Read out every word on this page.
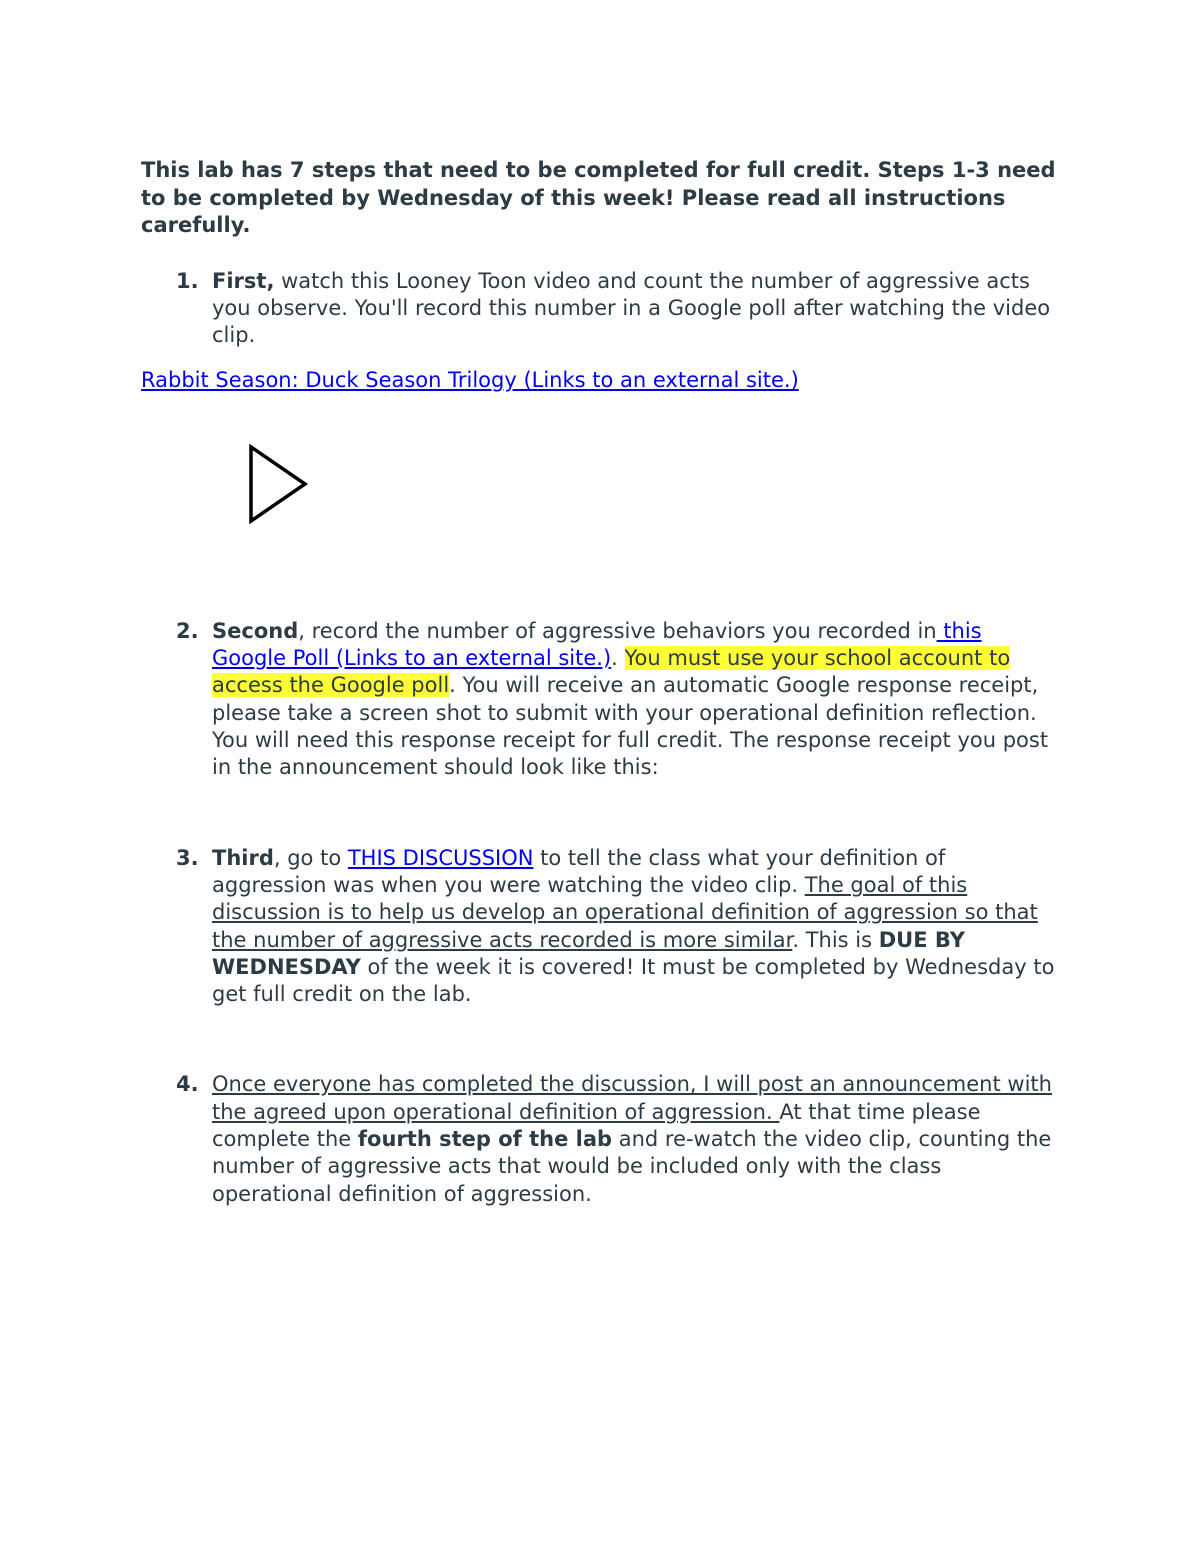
This lab has 7 steps that need to be completed for full credit. Steps 1-3 need to be completed by Wednesday of this week! Please read all instructions carefully.

1. First, watch this Looney Toon video and count the number of aggressive acts you observe. You'll record this number in a Google poll after watching the video clip.

Rabbit Season: Duck Season Trilogy (Links to an external site.)

2. Second, record the number of aggressive behaviors you recorded in this Google Poll (Links to an external site.). You must use your school account to access the Google poll. You will receive an automatic Google response receipt, please take a screen shot to submit with your operational definition reflection. You will need this response receipt for full credit. The response receipt you post in the announcement should look like this:

3. Third, go to THIS DISCUSSION to tell the class what your definition of aggression was when you were watching the video clip. The goal of this discussion is to help us develop an operational definition of aggression so that the number of aggressive acts recorded is more similar. This is DUE BY WEDNESDAY of the week it is covered! It must be completed by Wednesday to get full credit on the lab.

4. Once everyone has completed the discussion, I will post an announcement with the agreed upon operational definition of aggression. At that time please complete the fourth step of the lab and re-watch the video clip, counting the number of aggressive acts that would be included only with the class operational definition of aggression.
